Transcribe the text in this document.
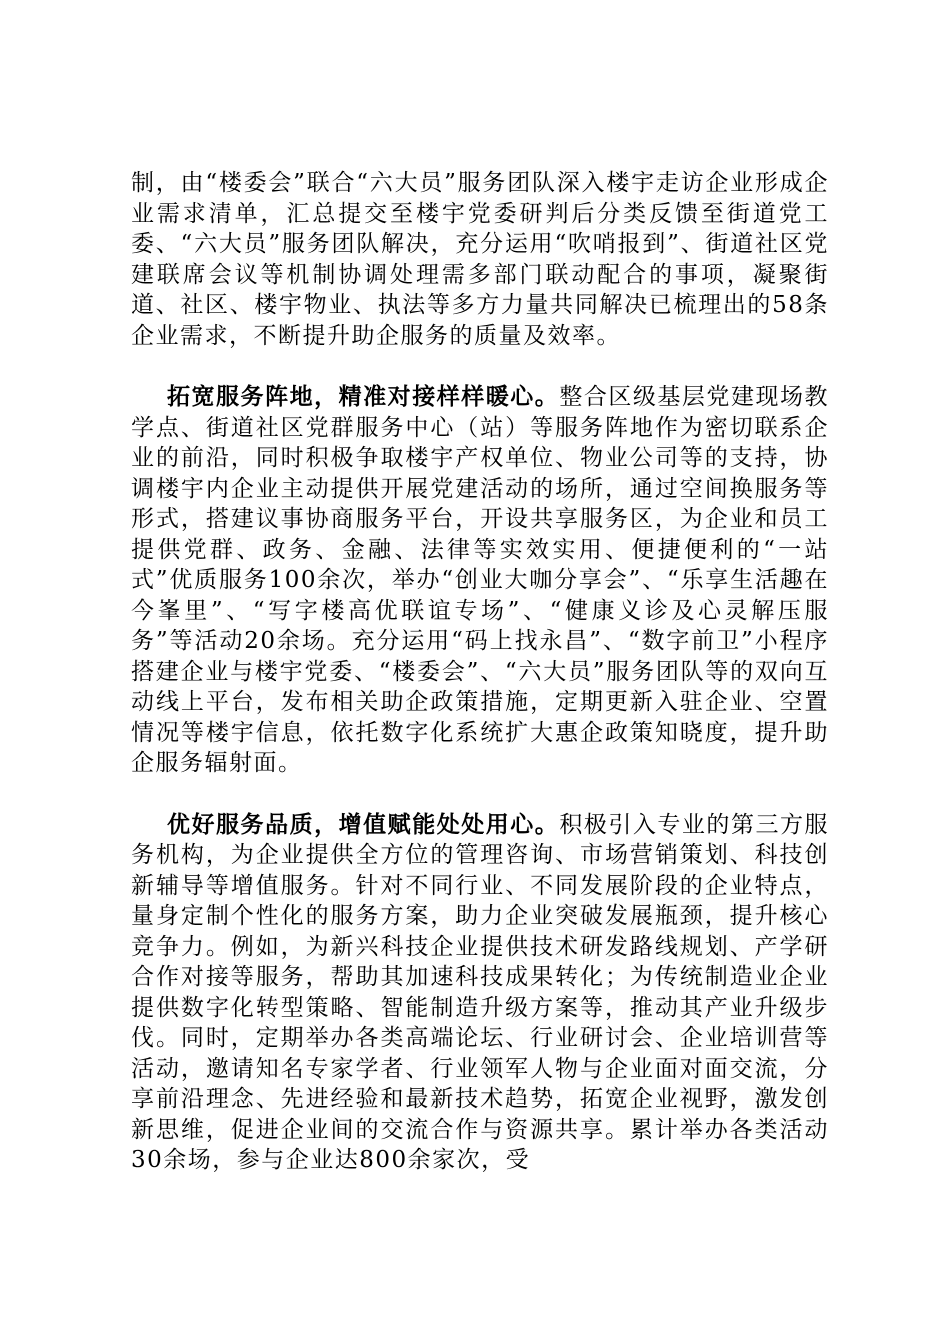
制，由“楼委会”联合“六大员”服务团队深入楼宇走访企业形成企业需求清单，汇总提交至楼宇党委研判后分类反馈至街道党工委、“六大员”服务团队解决，充分运用“吹哨报到”、街道社区党建联席会议等机制协调处理需多部门联动配合的事项，凝聚街道、社区、楼宇物业、执法等多方力量共同解决已梳理出的58条企业需求，不断提升助企服务的质量及效率。

拓宽服务阵地，精准对接样样暖心。整合区级基层党建现场教学点、街道社区党群服务中心（站）等服务阵地作为密切联系企业的前沿，同时积极争取楼宇产权单位、物业公司等的支持，协调楼宇内企业主动提供开展党建活动的场所，通过空间换服务等形式，搭建议事协商服务平台，开设共享服务区，为企业和员工提供党群、政务、金融、法律等实效实用、便捷便利的“一站式”优质服务100余次，举办“创业大咖分享会”、“乐享生活趣在今峯里”、“写字楼高优联谊专场”、“健康义诊及心灵解压服务”等活动20余场。充分运用“码上找永昌”、“数字前卫”小程序搭建企业与楼宇党委、“楼委会”、“六大员”服务团队等的双向互动线上平台，发布相关助企政策措施，定期更新入驻企业、空置情况等楼宇信息，依托数字化系统扩大惠企政策知晓度，提升助企服务辐射面。

优好服务品质，增值赋能处处用心。积极引入专业的第三方服务机构，为企业提供全方位的管理咨询、市场营销策划、科技创新辅导等增值服务。针对不同行业、不同发展阶段的企业特点，量身定制个性化的服务方案，助力企业突破发展瓶颈，提升核心竞争力。例如，为新兴科技企业提供技术研发路线规划、产学研合作对接等服务，帮助其加速科技成果转化；为传统制造业企业提供数字化转型策略、智能制造升级方案等，推动其产业升级步伐。同时，定期举办各类高端论坛、行业研讨会、企业培训营等活动，邀请知名专家学者、行业领军人物与企业面对面交流，分享前沿理念、先进经验和最新技术趋势，拓宽企业视野，激发创新思维，促进企业间的交流合作与资源共享。累计举办各类活动30余场，参与企业达800余家次，受
